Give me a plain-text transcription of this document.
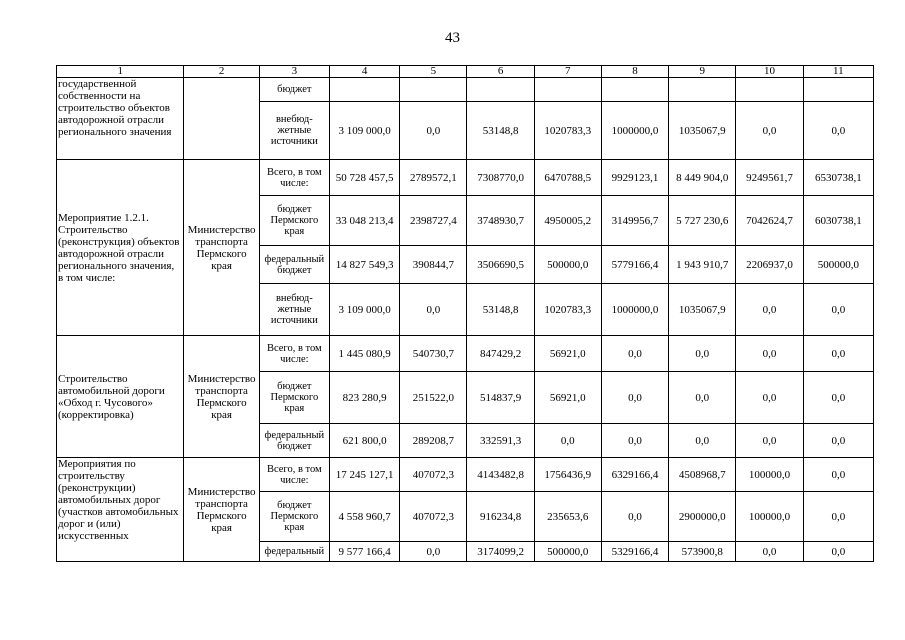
43
1	2	3	4	5	6	7	8	9	10	11
государственной собственности на строительство объектов автодорожной отрасли регионального значения		бюджет								
		внебюд-жетные источники	3 109 000,0	0,0	53148,8	1020783,3	1000000,0	1035067,9	0,0	0,0
Мероприятие 1.2.1. Строительство (реконструкция) объектов автодорожной отрасли регионального значения, в том числе:	Министерство транспорта Пермского края	Всего, в том числе:	50 728 457,5	2789572,1	7308770,0	6470788,5	9929123,1	8 449 904,0	9249561,7	6530738,1
		бюджет Пермского края	33 048 213,4	2398727,4	3748930,7	4950005,2	3149956,7	5 727 230,6	7042624,7	6030738,1
		федеральный бюджет	14 827 549,3	390844,7	3506690,5	500000,0	5779166,4	1 943 910,7	2206937,0	500000,0
		внебюд-жетные источники	3 109 000,0	0,0	53148,8	1020783,3	1000000,0	1035067,9	0,0	0,0
Строительство автомобильной дороги «Обход г. Чусового» (корректировка)	Министерство транспорта Пермского края	Всего, в том числе:	1 445 080,9	540730,7	847429,2	56921,0	0,0	0,0	0,0	0,0
		бюджет Пермского края	823 280,9	251522,0	514837,9	56921,0	0,0	0,0	0,0	0,0
		федеральный бюджет	621 800,0	289208,7	332591,3	0,0	0,0	0,0	0,0	0,0
Мероприятия по строительству (реконструкции) автомобильных дорог (участков автомобильных дорог и (или) искусственных	Министерство транспорта Пермского края	Всего, в том числе:	17 245 127,1	407072,3	4143482,8	1756436,9	6329166,4	4508968,7	100000,0	0,0
		бюджет Пермского края	4 558 960,7	407072,3	916234,8	235653,6	0,0	2900000,0	100000,0	0,0
		федеральный	9 577 166,4	0,0	3174099,2	500000,0	5329166,4	573900,8	0,0	0,0
